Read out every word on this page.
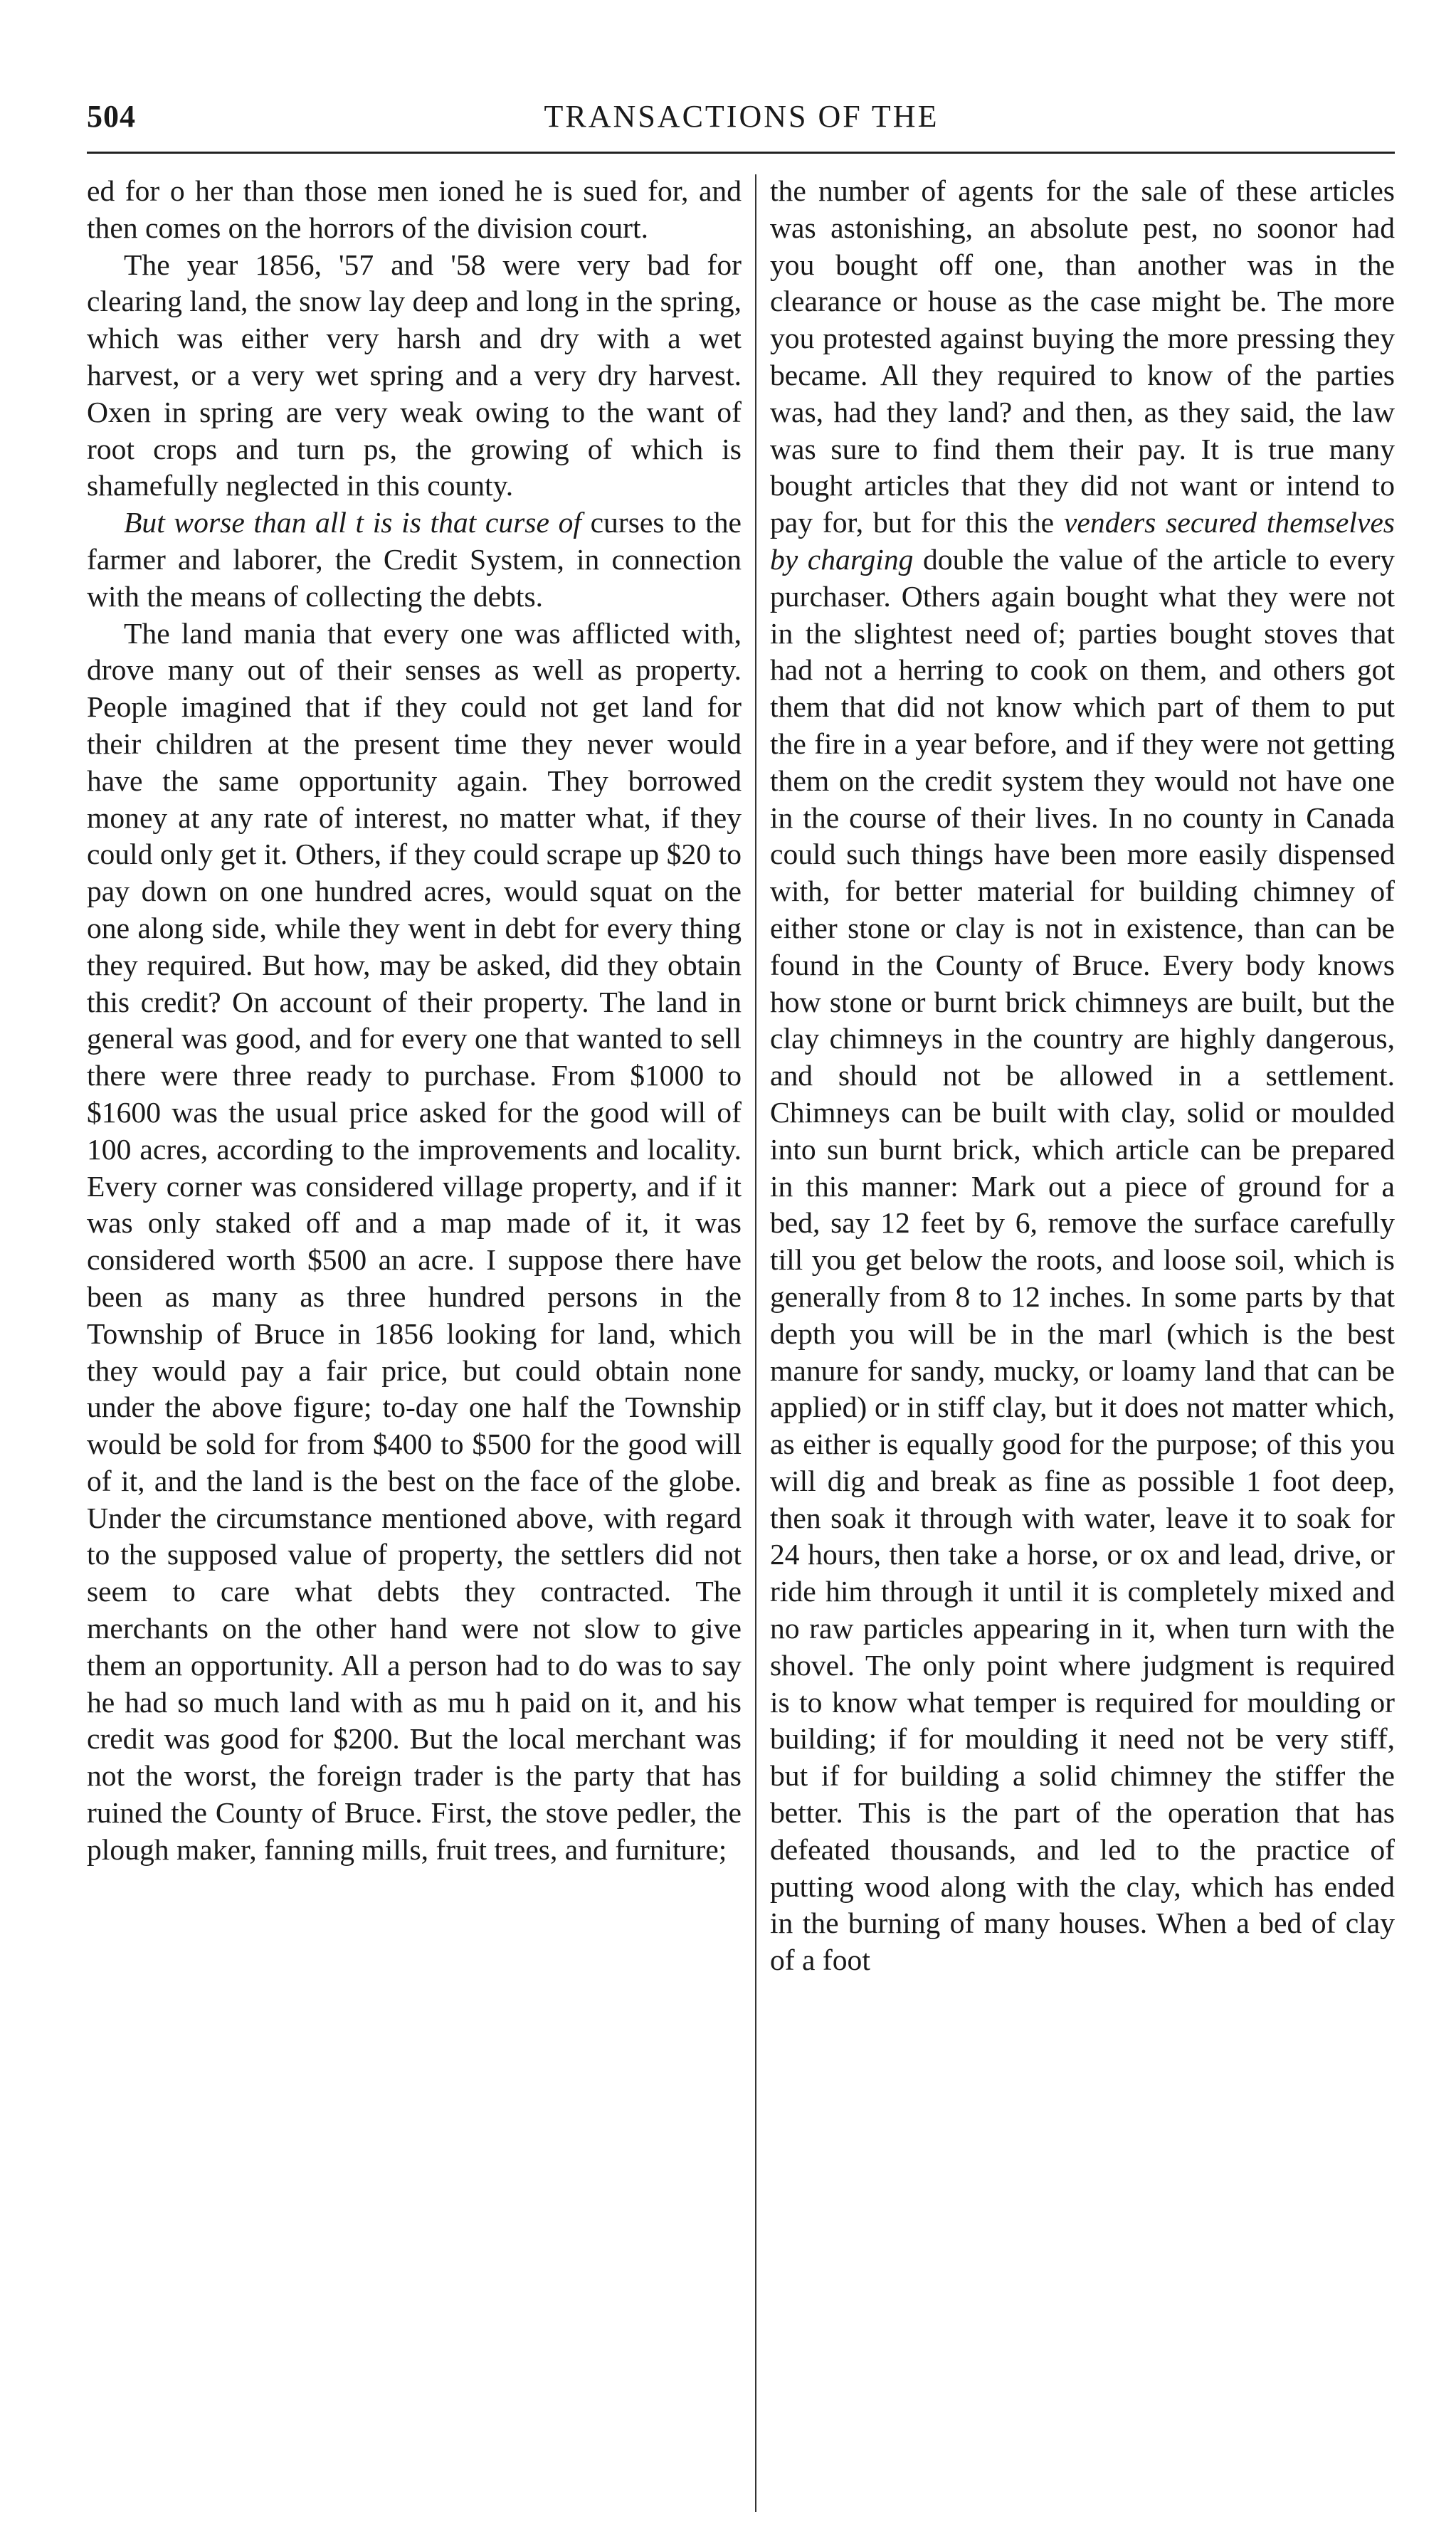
504	TRANSACTIONS OF THE

ed for o her than those men ioned he is sued for, and then comes on the horrors of the division court.

The year 1856, '57 and '58 were very bad for clearing land, the snow lay deep and long in the spring, which was either very harsh and dry with a wet harvest, or a very wet spring and a very dry harvest. Oxen in spring are very weak owing to the want of root crops and turn ps, the growing of which is shamefully neglected in this county.

But worse than all t is is that curse of curses to the farmer and laborer, the Credit System, in connection with the means of collecting the debts.

The land mania that every one was afflicted with, drove many out of their senses as well as property. People imagined that if they could not get land for their children at the present time they never would have the same opportunity again. They borrowed money at any rate of interest, no matter what, if they could only get it. Others, if they could scrape up $20 to pay down on one hundred acres, would squat on the one along side, while they went in debt for every thing they required. But how, may be asked, did they obtain this credit? On account of their property. The land in general was good, and for every one that wanted to sell there were three ready to purchase. From $1000 to $1600 was the usual price asked for the good will of 100 acres, according to the improvements and locality. Every corner was considered village property, and if it was only staked off and a map made of it, it was considered worth $500 an acre. I suppose there have been as many as three hundred persons in the Township of Bruce in 1856 looking for land, which they would pay a fair price, but could obtain none under the above figure; to-day one half the Township would be sold for from $400 to $500 for the good will of it, and the land is the best on the face of the globe. Under the circumstance mentioned above, with regard to the supposed value of property, the settlers did not seem to care what debts they contracted. The merchants on the other hand were not slow to give them an opportunity. All a person had to do was to say he had so much land with as mu h paid on it, and his credit was good for $200. But the local merchant was not the worst, the foreign trader is the party that has ruined the County of Bruce. First, the stove pedler, the plough maker, fanning mills, fruit trees, and furniture;

the number of agents for the sale of these articles was astonishing, an absolute pest, no soonor had you bought off one, than another was in the clearance or house as the case might be. The more you protested against buying the more pressing they became. All they required to know of the parties was, had they land? and then, as they said, the law was sure to find them their pay. It is true many bought articles that they did not want or intend to pay for, but for this the venders secured themselves by charging double the value of the article to every purchaser. Others again bought what they were not in the slightest need of; parties bought stoves that had not a herring to cook on them, and others got them that did not know which part of them to put the fire in a year before, and if they were not getting them on the credit system they would not have one in the course of their lives. In no county in Canada could such things have been more easily dispensed with, for better material for building chimney of either stone or clay is not in existence, than can be found in the County of Bruce. Every body knows how stone or burnt brick chimneys are built, but the clay chimneys in the country are highly dangerous, and should not be allowed in a settlement. Chimneys can be built with clay, solid or moulded into sun burnt brick, which article can be prepared in this manner: Mark out a piece of ground for a bed, say 12 feet by 6, remove the surface carefully till you get below the roots, and loose soil, which is generally from 8 to 12 inches. In some parts by that depth you will be in the marl (which is the best manure for sandy, mucky, or loamy land that can be applied) or in stiff clay, but it does not matter which, as either is equally good for the purpose; of this you will dig and break as fine as possible 1 foot deep, then soak it through with water, leave it to soak for 24 hours, then take a horse, or ox and lead, drive, or ride him through it until it is completely mixed and no raw particles appearing in it, when turn with the shovel. The only point where judgment is required is to know what temper is required for moulding or building; if for moulding it need not be very stiff, but if for building a solid chimney the stiffer the better. This is the part of the operation that has defeated thousands, and led to the practice of putting wood along with the clay, which has ended in the burning of many houses. When a bed of clay of a foot
